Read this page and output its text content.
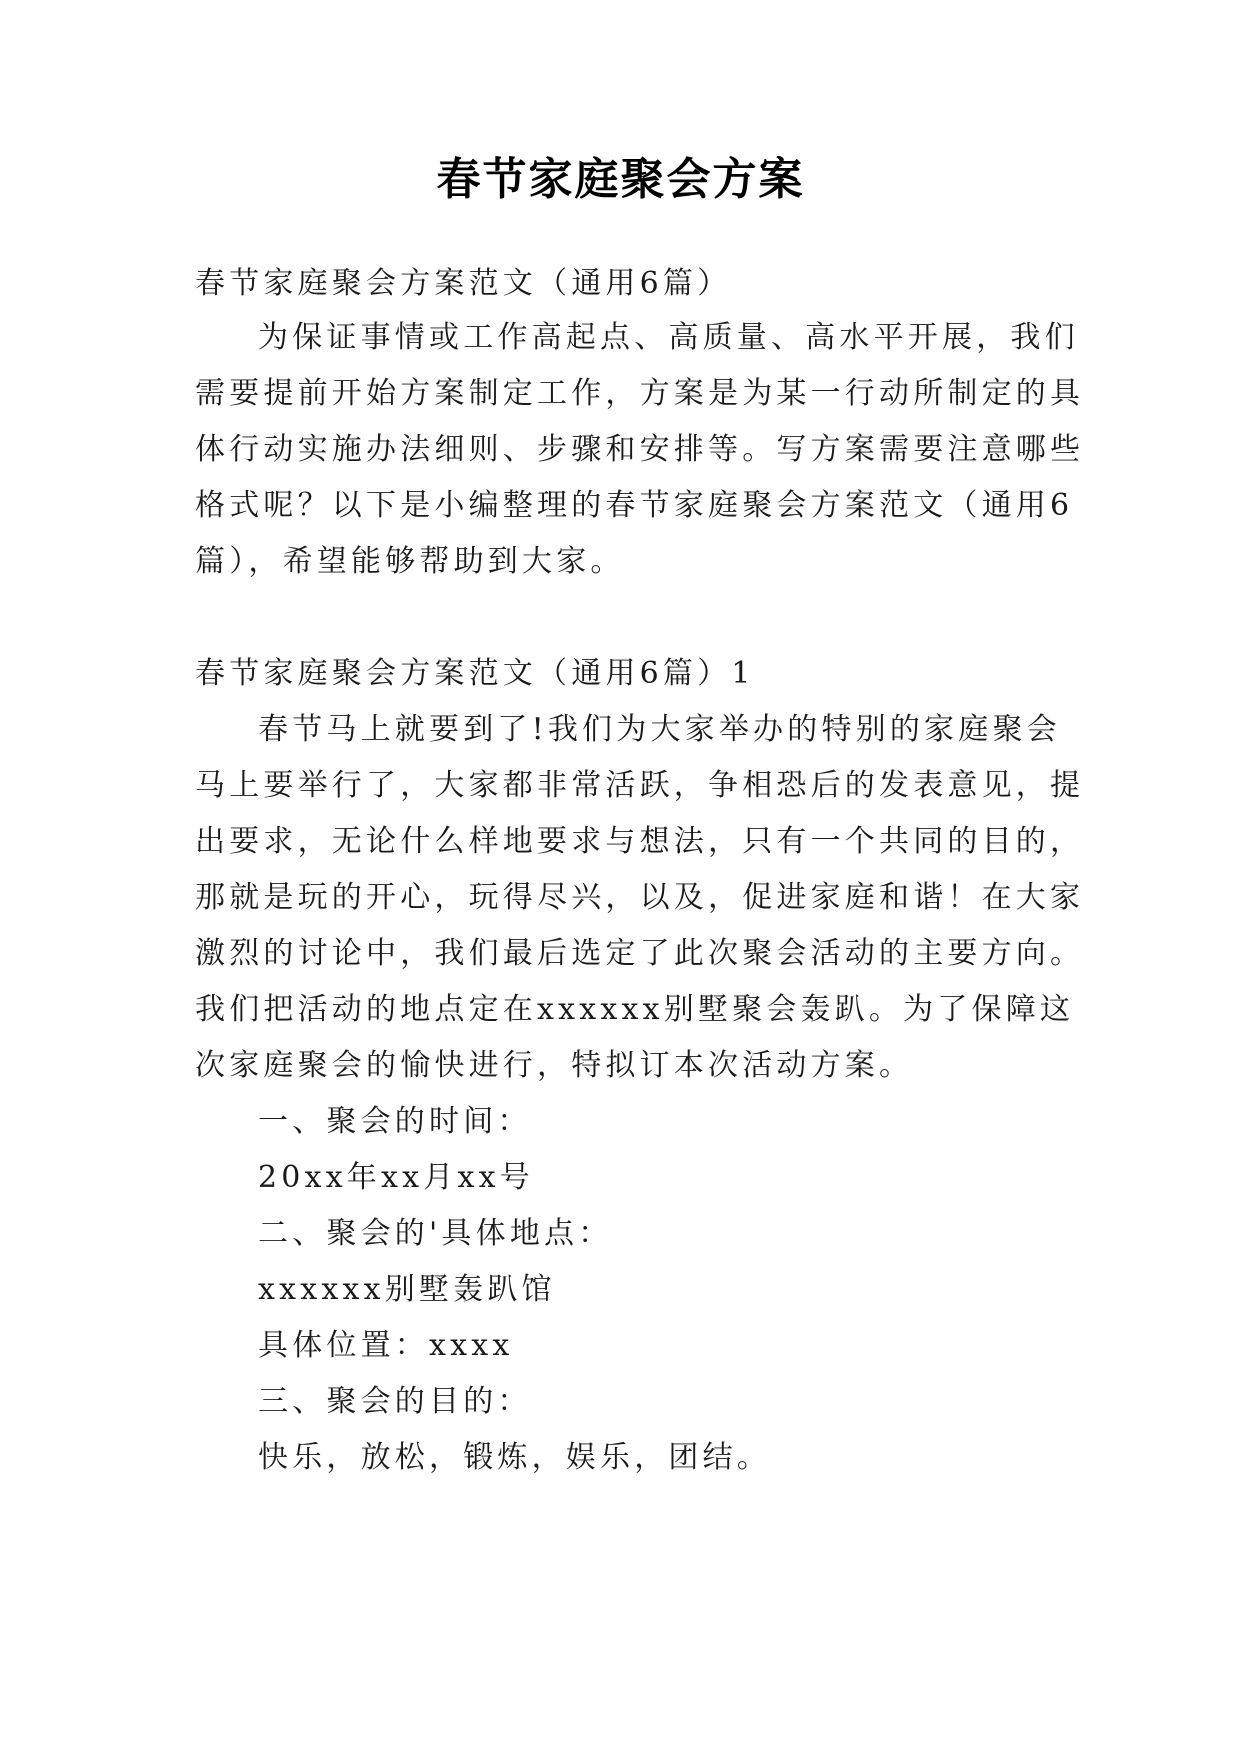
春节家庭聚会方案
春节家庭聚会方案范文（通用6篇）
为保证事情或工作高起点、高质量、高水平开展，我们
需要提前开始方案制定工作，方案是为某一行动所制定的具
体行动实施办法细则、步骤和安排等。写方案需要注意哪些
格式呢？以下是小编整理的春节家庭聚会方案范文（通用6
篇），希望能够帮助到大家。
春节家庭聚会方案范文（通用6篇）1
春节马上就要到了!我们为大家举办的特别的家庭聚会
马上要举行了，大家都非常活跃，争相恐后的发表意见，提
出要求，无论什么样地要求与想法，只有一个共同的目的，
那就是玩的开心，玩得尽兴，以及，促进家庭和谐！在大家
激烈的讨论中，我们最后选定了此次聚会活动的主要方向。
我们把活动的地点定在xxxxxx别墅聚会轰趴。为了保障这
次家庭聚会的愉快进行，特拟订本次活动方案。
一、聚会的时间：
20xx年xx月xx号
二、聚会的'具体地点：
xxxxxx别墅轰趴馆
具体位置：xxxx
三、聚会的目的：
快乐，放松，锻炼，娱乐，团结。
